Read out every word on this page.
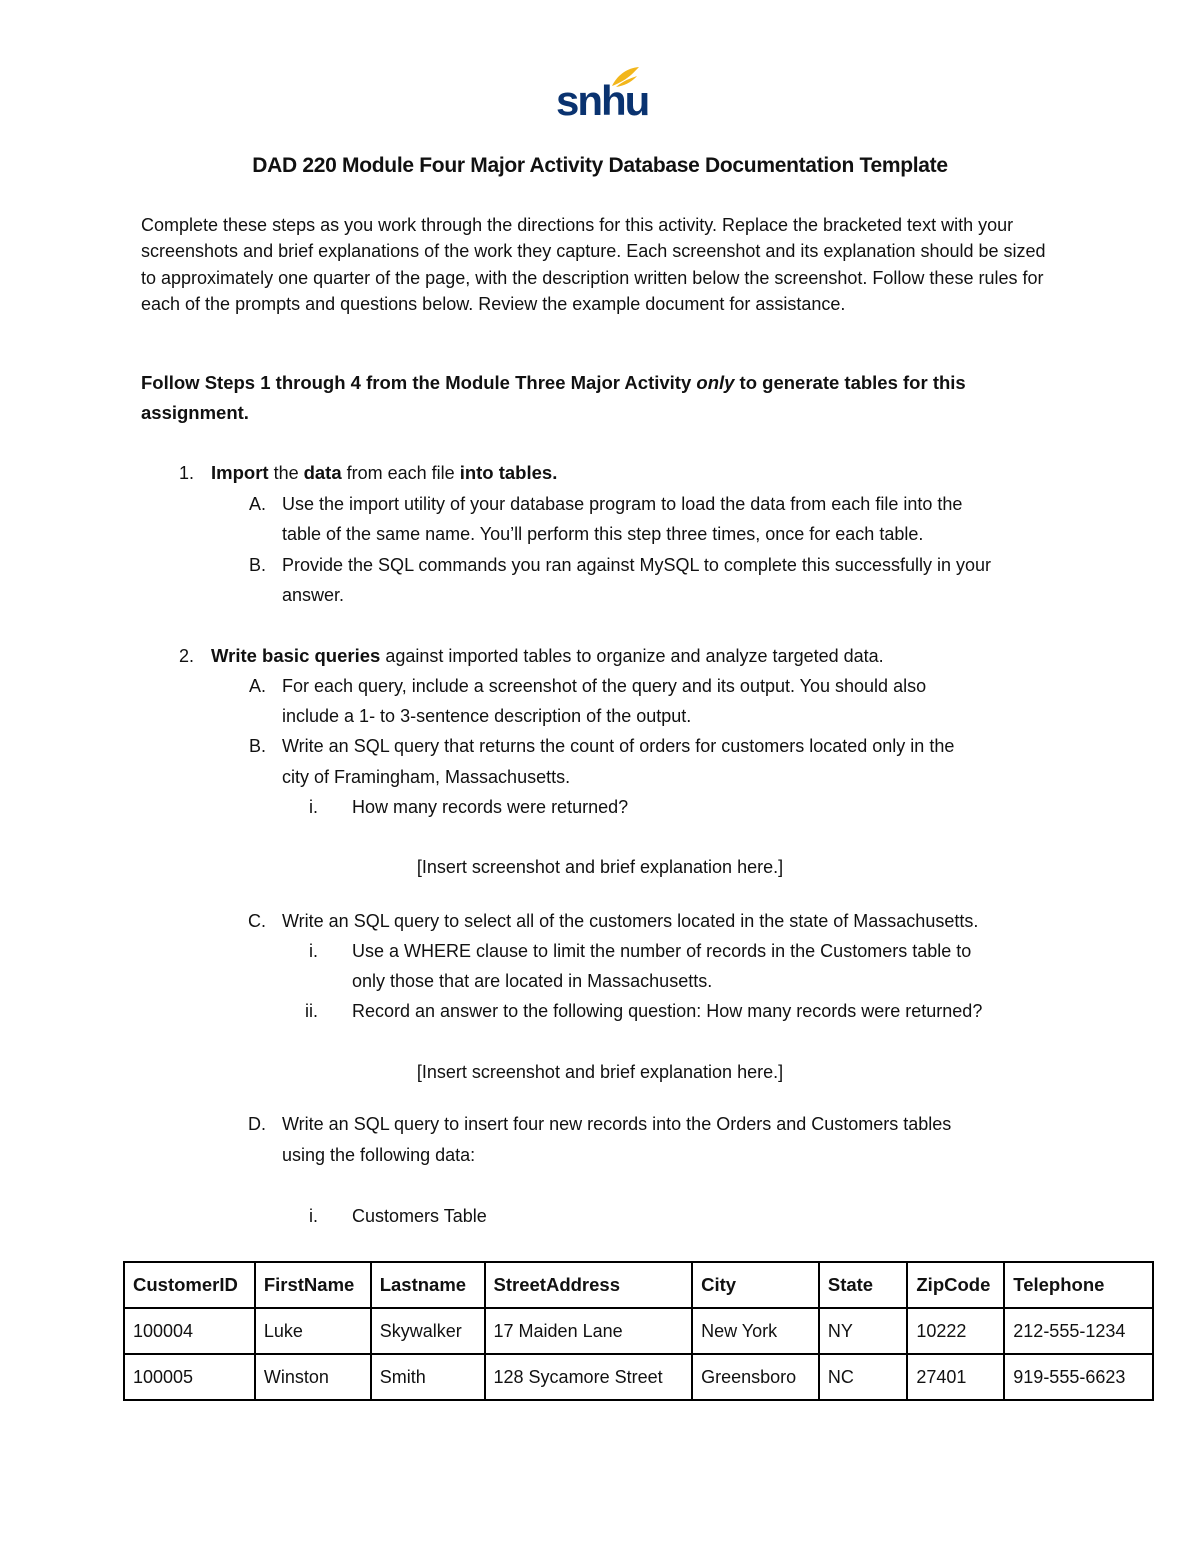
snhu
DAD 220 Module Four Major Activity Database Documentation Template

Complete these steps as you work through the directions for this activity. Replace the bracketed text with your screenshots and brief explanations of the work they capture. Each screenshot and its explanation should be sized to approximately one quarter of the page, with the description written below the screenshot. Follow these rules for each of the prompts and questions below. Review the example document for assistance.

Follow Steps 1 through 4 from the Module Three Major Activity only to generate tables for this assignment.

1. Import the data from each file into tables.
A. Use the import utility of your database program to load the data from each file into the
table of the same name. You’ll perform this step three times, once for each table.
B. Provide the SQL commands you ran against MySQL to complete this successfully in your
answer.
2. Write basic queries against imported tables to organize and analyze targeted data.
A. For each query, include a screenshot of the query and its output. You should also
include a 1- to 3-sentence description of the output.
B. Write an SQL query that returns the count of orders for customers located only in the
city of Framingham, Massachusetts.
i. How many records were returned?
[Insert screenshot and brief explanation here.]
C. Write an SQL query to select all of the customers located in the state of Massachusetts.
i. Use a WHERE clause to limit the number of records in the Customers table to
only those that are located in Massachusetts.
ii. Record an answer to the following question: How many records were returned?
[Insert screenshot and brief explanation here.]
D. Write an SQL query to insert four new records into the Orders and Customers tables
using the following data:
i. Customers Table
CustomerID	FirstName	Lastname	StreetAddress	City	State	ZipCode	Telephone
100004	Luke	Skywalker	17 Maiden Lane	New York	NY	10222	212-555-1234
100005	Winston	Smith	128 Sycamore Street	Greensboro	NC	27401	919-555-6623
